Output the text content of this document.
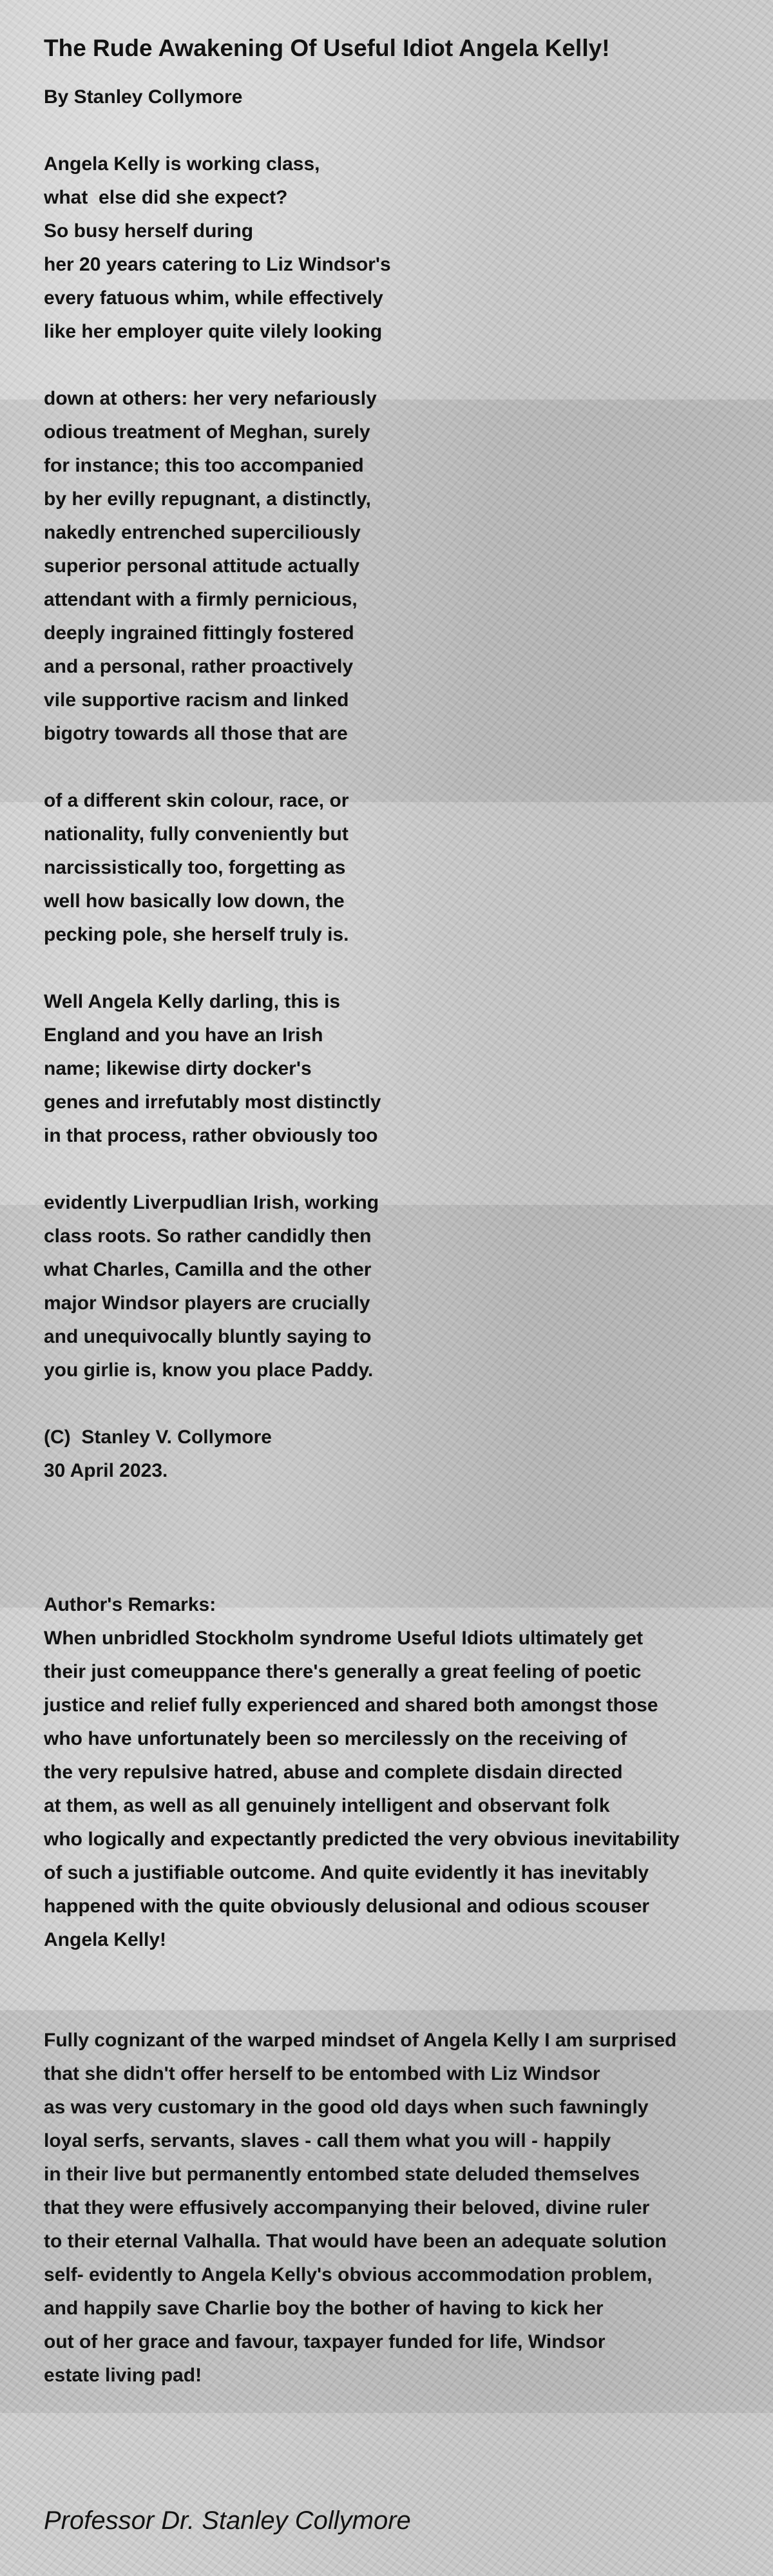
The Rude Awakening Of Useful Idiot Angela Kelly!
By Stanley Collymore
Angela Kelly is working class,
what  else did she expect?
So busy herself during
her 20 years catering to Liz Windsor's
every fatuous whim, while effectively
like her employer quite vilely looking
down at others: her very nefariously
odious treatment of Meghan, surely
for instance; this too accompanied
by her evilly repugnant, a distinctly,
nakedly entrenched superciliously
superior personal attitude actually
attendant with a firmly pernicious,
deeply ingrained fittingly fostered
and a personal, rather proactively
vile supportive racism and linked
bigotry towards all those that are
of a different skin colour, race, or
nationality, fully conveniently but
narcissistically too, forgetting as
well how basically low down, the
pecking pole, she herself truly is.
Well Angela Kelly darling, this is
England and you have an Irish
name; likewise dirty docker's
genes and irrefutably most distinctly
in that process, rather obviously too
evidently Liverpudlian Irish, working
class roots. So rather candidly then
what Charles, Camilla and the other
major Windsor players are crucially
and unequivocally bluntly saying to
you girlie is, know you place Paddy.
(C)  Stanley V. Collymore
30 April 2023.
Author's Remarks:
When unbridled Stockholm syndrome Useful Idiots ultimately get
their just comeuppance there's generally a great feeling of poetic
justice and relief fully experienced and shared both amongst those
who have unfortunately been so mercilessly on the receiving of
the very repulsive hatred, abuse and complete disdain directed
at them, as well as all genuinely intelligent and observant folk
who logically and expectantly predicted the very obvious inevitability
of such a justifiable outcome. And quite evidently it has inevitably
happened with the quite obviously delusional and odious scouser
Angela Kelly!
Fully cognizant of the warped mindset of Angela Kelly I am surprised
that she didn't offer herself to be entombed with Liz Windsor
as was very customary in the good old days when such fawningly
loyal serfs, servants, slaves - call them what you will - happily
in their live but permanently entombed state deluded themselves
that they were effusively accompanying their beloved, divine ruler
to their eternal Valhalla. That would have been an adequate solution
self- evidently to Angela Kelly's obvious accommodation problem,
and happily save Charlie boy the bother of having to kick her
out of her grace and favour, taxpayer funded for life, Windsor
estate living pad!
Professor Dr. Stanley Collymore
